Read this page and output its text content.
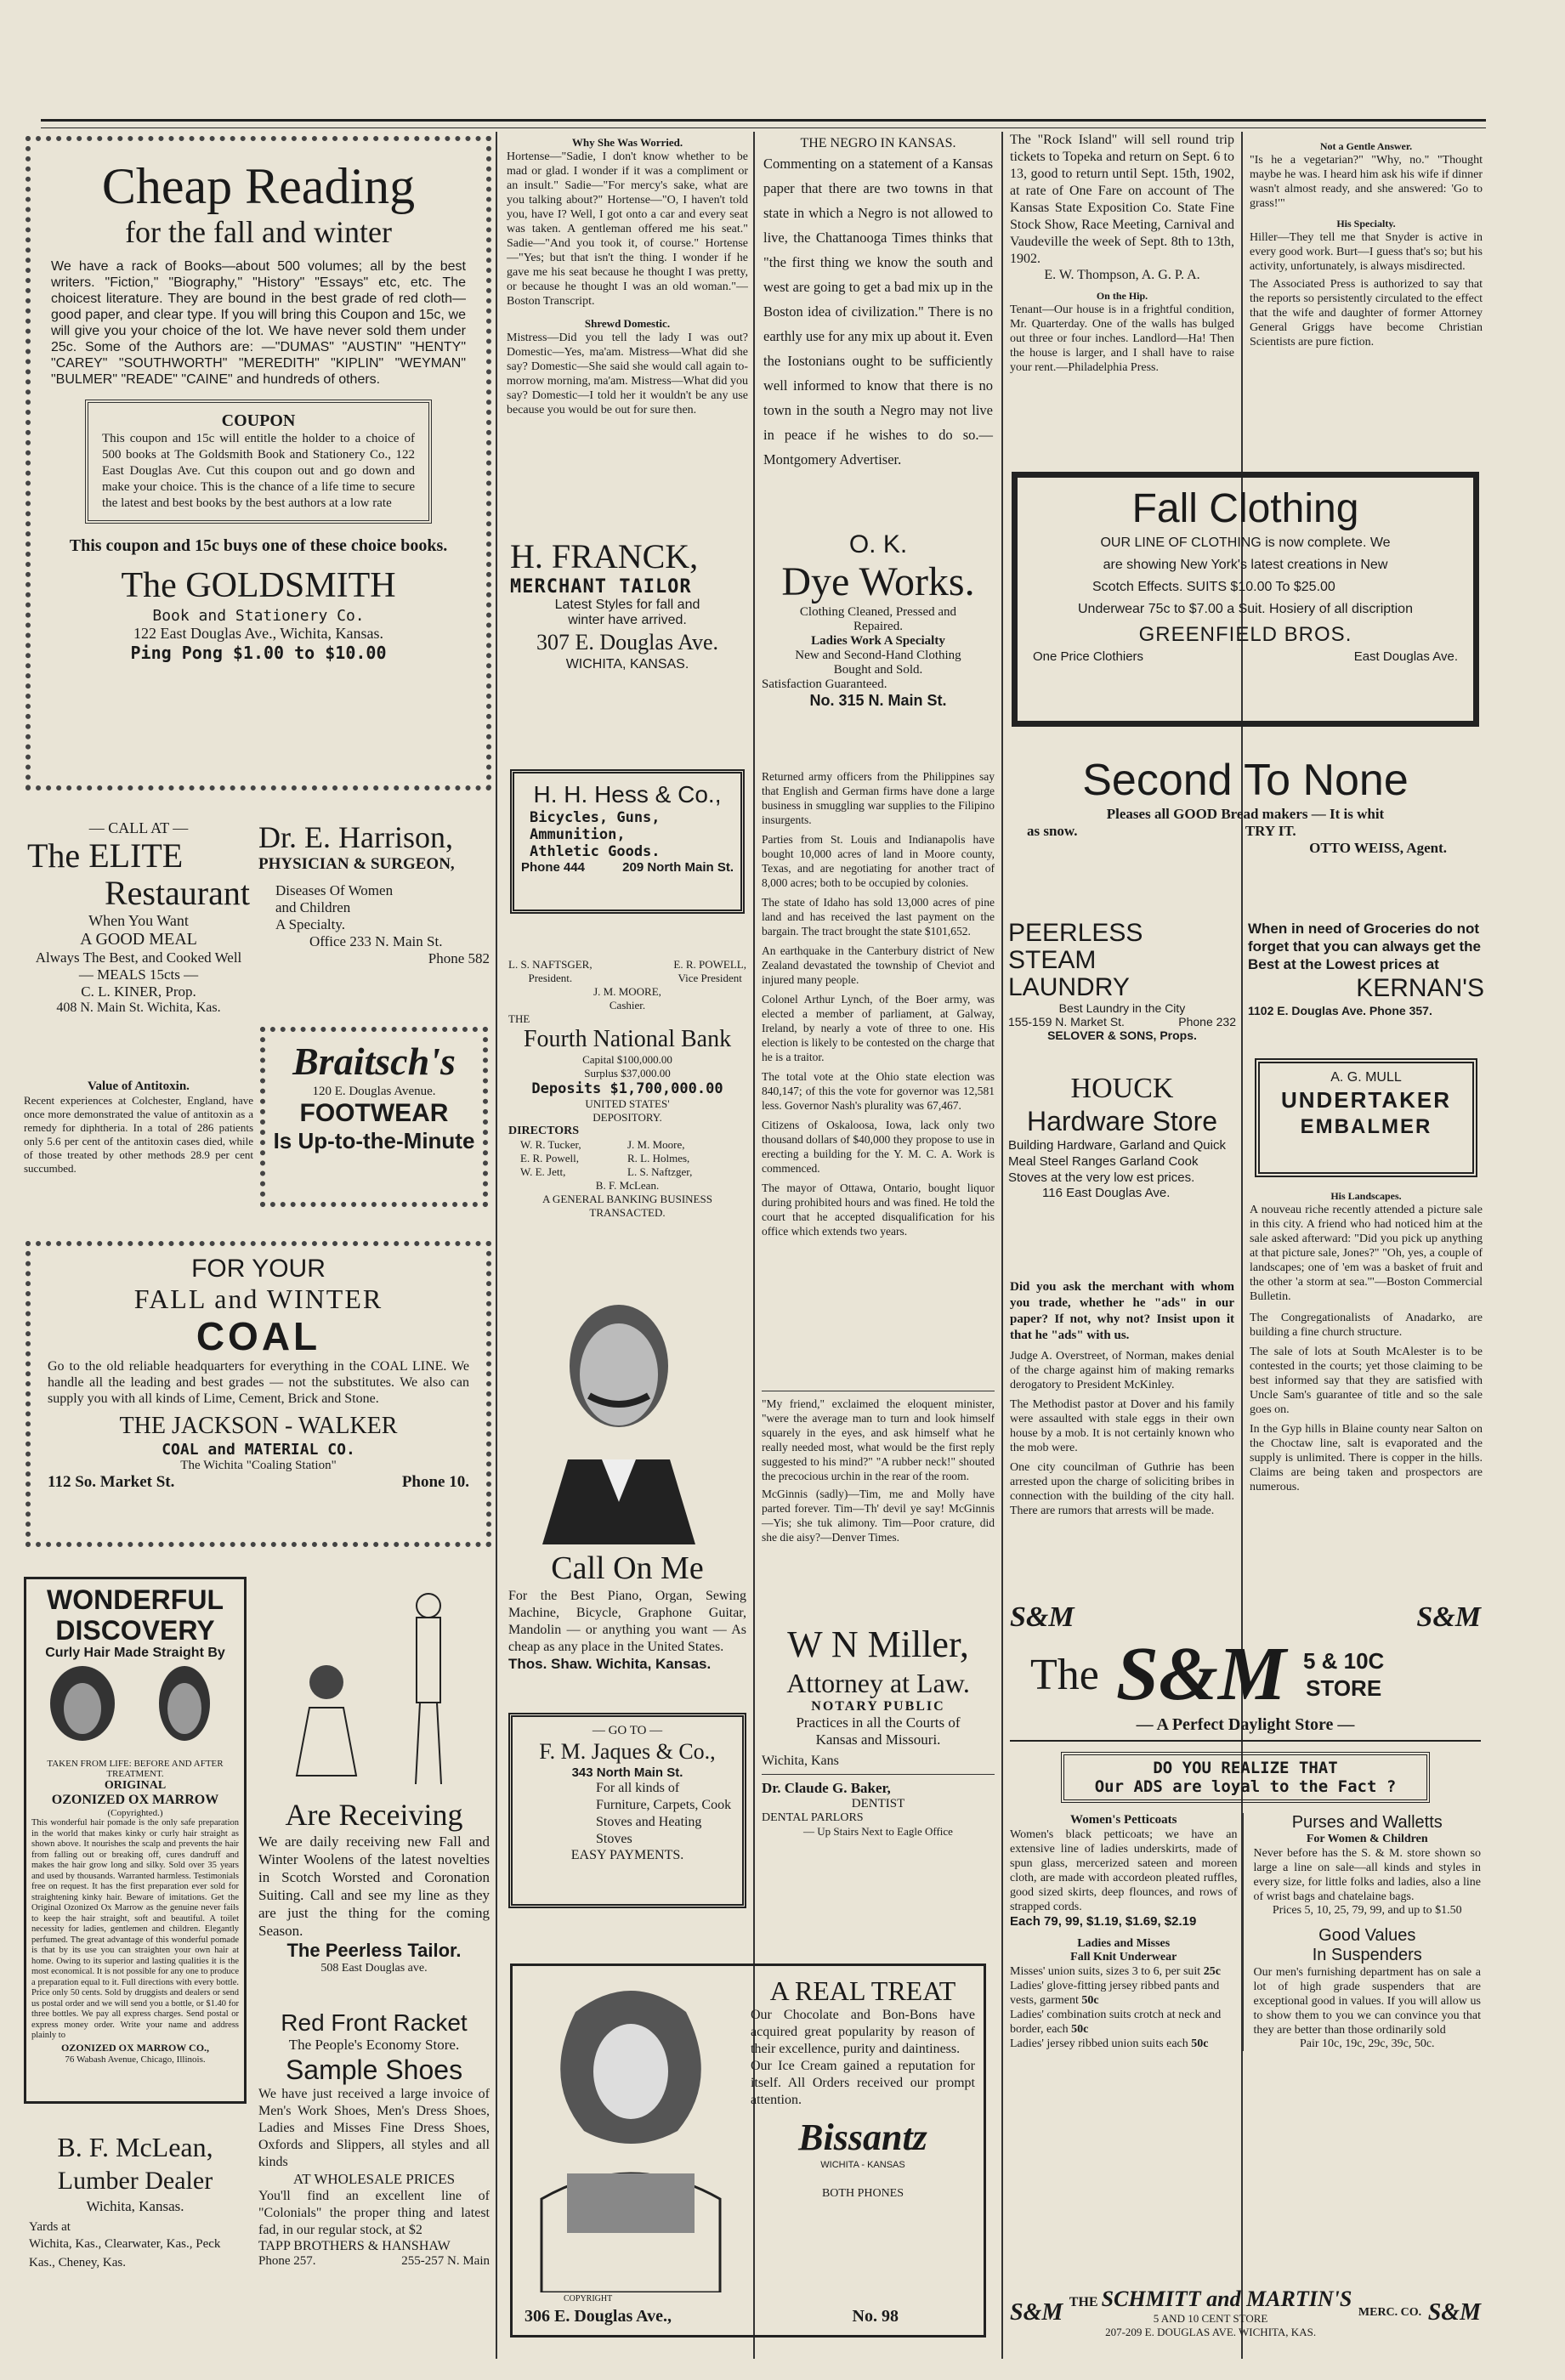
Cheap Reading
for the fall and winter
We have a rack of Books—about 500 volumes; all by the best writers. "Fiction," "Biography," "History" "Essays" etc, etc. The choicest literature. They are bound in the best grade of red cloth—good paper, and clear type. If you will bring this Coupon and 15c, we will give you your choice of the lot. We have never sold them under 25c. Some of the Authors are: —"DUMAS" "AUSTIN" "HENTY" "CAREY" "SOUTHWORTH" "MEREDITH" "KIPLIN" "WEYMAN" "BULMER" "READE" "CAINE" and hundreds of others.
COUPON
This coupon and 15c will entitle the holder to a choice of 500 books at The Goldsmith Book and Stationery Co., 122 East Douglas Ave. Cut this coupon out and go down and make your choice. This is the chance of a life time to secure the latest and best books by the best authors at a low rate
This coupon and 15c buys one of these choice books.
The GOLDSMITH
Book and Stationery Co.
122 East Douglas Ave., Wichita, Kansas.
Ping Pong $1.00 to $10.00
— CALL AT —
The ELITE
Restaurant
When You Want
A GOOD MEAL
Always The Best, and Cooked Well
— MEALS 15cts —
C. L. KINER, Prop.
408 N. Main St. Wichita, Kas.
Dr. E. Harrison,
PHYSICIAN & SURGEON,
Diseases Of Women
and Children
A Specialty.
Office 233 N. Main St.
Phone 582
Value of Antitoxin.
Recent experiences at Colchester, England, have once more demonstrated the value of antitoxin as a remedy for diphtheria. In a total of 286 patients only 5.6 per cent of the antitoxin cases died, while of those treated by other methods 28.9 per cent succumbed.
Braitsch's
120 E. Douglas Avenue.
FOOTWEAR
Is Up-to-the-Minute
FOR YOUR
FALL and WINTER
COAL
Go to the old reliable headquarters for everything in the COAL LINE. We handle all the leading and best grades — not the substitutes. We also can supply you with all kinds of Lime, Cement, Brick and Stone.
THE JACKSON - WALKER
COAL and MATERIAL CO.
The Wichita "Coaling Station"
112 So. Market St.	Phone 10.
WONDERFUL
DISCOVERY
Curly Hair Made Straight By
TAKEN FROM LIFE: BEFORE AND AFTER TREATMENT.
ORIGINAL
OZONIZED OX MARROW
(Copyrighted.)
This wonderful hair pomade is the only safe preparation in the world that makes kinky or curly hair straight as shown above. It nourishes the scalp and prevents the hair from falling out or breaking off, cures dandruff and makes the hair grow long and silky. Sold over 35 years and used by thousands. Warranted harmless. Testimonials free on request. It has the first preparation ever sold for straightening kinky hair. Beware of imitations. Get the Original Ozonized Ox Marrow as the genuine never fails to keep the hair straight, soft and beautiful. A toilet necessity for ladies, gentlemen and children. Elegantly perfumed. The great advantage of this wonderful pomade is that by its use you can straighten your own hair at home. Owing to its superior and lasting qualities it is the most economical. It is not possible for any one to produce a preparation equal to it. Full directions with every bottle. Price only 50 cents. Sold by druggists and dealers or send us postal order and we will send you a bottle, or $1.40 for three bottles. We pay all express charges. Send postal or express money order. Write your name and address plainly to
OZONIZED OX MARROW CO.,
76 Wabash Avenue, Chicago, Illinois.
B. F. McLean,
Lumber Dealer
Wichita, Kansas.
Yards at
Wichita, Kas., Clearwater, Kas., Peck Kas., Cheney, Kas.
Are Receiving
We are daily receiving new Fall and Winter Woolens of the latest novelties in Scotch Worsted and Coronation Suiting. Call and see my line as they are just the thing for the coming Season.
The Peerless Tailor.
508 East Douglas ave.
Red Front Racket
The People's Economy Store.
Sample Shoes
We have just received a large invoice of Men's Work Shoes, Men's Dress Shoes, Ladies and Misses Fine Dress Shoes, Oxfords and Slippers, all styles and all kinds
AT WHOLESALE PRICES
You'll find an excellent line of "Colonials" the proper thing and latest fad, in our regular stock, at $2
TAPP BROTHERS & HANSHAW
Phone 257.	255-257 N. Main
Why She Was Worried.
Hortense—"Sadie, I don't know whether to be mad or glad. I wonder if it was a compliment or an insult." Sadie—"For mercy's sake, what are you talking about?" Hortense—"O, I haven't told you, have I? Well, I got onto a car and every seat was taken. A gentleman offered me his seat." Sadie—"And you took it, of course." Hortense—"Yes; but that isn't the thing. I wonder if he gave me his seat because he thought I was pretty, or because he thought I was an old woman."—Boston Transcript.
Shrewd Domestic.
Mistress—Did you tell the lady I was out? Domestic—Yes, ma'am. Mistress—What did she say? Domestic—She said she would call again to-morrow morning, ma'am. Mistress—What did you say? Domestic—I told her it wouldn't be any use because you would be out for sure then.
H. FRANCK,
MERCHANT TAILOR
Latest Styles for fall and
winter have arrived.
307 E. Douglas Ave.
WICHITA, KANSAS.
H. H. Hess & Co.,
Bicycles, Guns,
Ammunition,
Athletic Goods.
Phone 444	209 North Main St.
L. S. NAFTSGER,
President.
E. R. POWELL,
Vice President
J. M. MOORE,
Cashier.
THE
Fourth National Bank
Capital $100,000.00
Surplus $37,000.00
Deposits $1,700,000.00
UNITED STATES'
DEPOSITORY.
DIRECTORS
W. R. Tucker,	J. M. Moore,
E. R. Powell,	R. L. Holmes,
W. E. Jett,	L. S. Naftzger,
B. F. McLean.
A GENERAL BANKING BUSINESS
TRANSACTED.
Call On Me
For the Best Piano, Organ, Sewing Machine, Bicycle, Graphone Guitar, Mandolin — or anything you want — As cheap as any place in the United States.
Thos. Shaw. Wichita, Kansas.
— GO TO —
F. M. Jaques & Co.,
343 North Main St.
For all kinds of Furniture, Carpets, Cook Stoves and Heating Stoves
EASY PAYMENTS.
COPYRIGHT
A REAL TREAT
Our Chocolate and Bon-Bons have acquired great popularity by reason of their excellence, purity and daintiness.
Our Ice Cream gained a reputation for itself. All Orders received our prompt attention.
Bissantz
WICHITA - KANSAS
BOTH PHONES
306 E. Douglas Ave.,	No. 98
THE NEGRO IN KANSAS.
Commenting on a statement of a Kansas paper that there are two towns in that state in which a Negro is not allowed to live, the Chattanooga Times thinks that "the first thing we know the south and west are going to get a bad mix up in the Boston idea of civilization." There is no earthly use for any mix up about it. Even the Iostonians ought to be sufficiently well informed to know that there is no town in the south a Negro may not live in peace if he wishes to do so.—Montgomery Advertiser.
O. K.
Dye Works.
Clothing Cleaned, Pressed and
Repaired.
Ladies Work A Specialty
New and Second-Hand Clothing
Bought and Sold.
Satisfaction Guaranteed.
No. 315 N. Main St.

Returned army officers from the Philippines say that English and German firms have done a large business in smuggling war supplies to the Filipino insurgents.

Parties from St. Louis and Indianapolis have bought 10,000 acres of land in Moore county, Texas, and are negotiating for another tract of 8,000 acres; both to be occupied by colonies.

The state of Idaho has sold 13,000 acres of pine land and has received the last payment on the bargain. The tract brought the state $101,652.

An earthquake in the Canterbury district of New Zealand devastated the township of Cheviot and injured many people.

Colonel Arthur Lynch, of the Boer army, was elected a member of parliament, at Galway, Ireland, by nearly a vote of three to one. His election is likely to be contested on the charge that he is a traitor.

The total vote at the Ohio state election was 840,147; of this the vote for governor was 12,581 less. Governor Nash's plurality was 67,467.

Citizens of Oskaloosa, Iowa, lack only two thousand dollars of $40,000 they propose to use in erecting a building for the Y. M. C. A. Work is commenced.

The mayor of Ottawa, Ontario, bought liquor during prohibited hours and was fined. He told the court that he accepted disqualification for his office which extends two years.

"My friend," exclaimed the eloquent minister, "were the average man to turn and look himself squarely in the eyes, and ask himself what he really needed most, what would be the first reply suggested to his mind?" "A rubber neck!" shouted the precocious urchin in the rear of the room.
McGinnis (sadly)—Tim, me and Molly have parted forever. Tim—Th' devil ye say! McGinnis—Yis; she tuk alimony. Tim—Poor crature, did she die aisy?—Denver Times.
W N Miller,
Attorney at Law.
NOTARY PUBLIC
Practices in all the Courts of
Kansas and Missouri.
Wichita, Kans
Dr. Claude G. Baker,
DENTIST
DENTAL PARLORS
— Up Stairs Next to Eagle Office
The "Rock Island" will sell round trip tickets to Topeka and return on Sept. 6 to 13, good to return until Sept. 15th, 1902, at rate of One Fare on account of The Kansas State Exposition Co. State Fine Stock Show, Race Meeting, Carnival and Vaudeville the week of Sept. 8th to 13th, 1902.
E. W. Thompson, A. G. P. A.
On the Hip.
Tenant—Our house is in a frightful condition, Mr. Quarterday. One of the walls has bulged out three or four inches. Landlord—Ha! Then the house is larger, and I shall have to raise your rent.—Philadelphia Press.
Not a Gentle Answer.
"Is he a vegetarian?" "Why, no." "Thought maybe he was. I heard him ask his wife if dinner wasn't almost ready, and she answered: 'Go to grass!'"
His Specialty.
Hiller—They tell me that Snyder is active in every good work. Burt—I guess that's so; but his activity, unfortunately, is always misdirected.
The Associated Press is authorized to say that the reports so persistently circulated to the effect that the wife and daughter of former Attorney General Griggs have become Christian Scientists are pure fiction.
Fall Clothing
OUR LINE OF CLOTHING is now complete. We
are showing New York's latest creations in New
Scotch Effects. SUITS $10.00 To $25.00
Underwear 75c to $7.00 a Suit. Hosiery of all discription
GREENFIELD BROS.
One Price Clothiers	East Douglas Ave.
Second To None
Pleases all GOOD Bread makers — It is whit
as snow.	TRY IT.
OTTO WEISS, Agent.
PEERLESS
STEAM
LAUNDRY
Best Laundry in the City
155-159 N. Market St.	Phone 232
SELOVER & SONS, Props.
When in need of Groceries do not forget that you can always get the Best at the Lowest prices at
KERNAN'S
1102 E. Douglas Ave. Phone 357.
HOUCK
Hardware Store
Building Hardware, Garland and Quick Meal Steel Ranges Garland Cook Stoves at the very low est prices.
116 East Douglas Ave.
A. G. MULL
UNDERTAKER
EMBALMER
Did you ask the merchant with whom you trade, whether he "ads" in our paper? If not, why not? Insist upon it that he "ads" with us.

Judge A. Overstreet, of Norman, makes denial of the charge against him of making remarks derogatory to President McKinley.

The Methodist pastor at Dover and his family were assaulted with stale eggs in their own house by a mob. It is not certainly known who the mob were.

One city councilman of Guthrie has been arrested upon the charge of soliciting bribes in connection with the building of the city hall. There are rumors that arrests will be made.

His Landscapes.
A nouveau riche recently attended a picture sale in this city. A friend who had noticed him at the sale asked afterward: "Did you pick up anything at that picture sale, Jones?" "Oh, yes, a couple of landscapes; one of 'em was a basket of fruit and the other 'a storm at sea.'"—Boston Commercial Bulletin.

The Congregationalists of Anadarko, are building a fine church structure.

The sale of lots at South McAlester is to be contested in the courts; yet those claiming to be best informed say that they are satisfied with Uncle Sam's guarantee of title and so the sale goes on.

In the Gyp hills in Blaine county near Salton on the Choctaw line, salt is evaporated and the supply is unlimited. There is copper in the hills. Claims are being taken and prospectors are numerous.

S&M	S&M
The S&M 5 & 10C
STORE
— A Perfect Daylight Store —
DO YOU REALIZE THAT
Our ADS are loyal to the Fact ?
Women's Petticoats
Women's black petticoats; we have an extensive line of ladies underskirts, made of spun glass, mercerized sateen and moreen cloth, are made with accordeon pleated ruffles, good sized skirts, deep flounces, and rows of strapped cords.
Each 79, 99, $1.19, $1.69, $2.19
Ladies and Misses
Fall Knit Underwear
Misses' union suits, sizes 3 to 6, per suit 25c
Ladies' glove-fitting jersey ribbed pants and vests, garment 50c
Ladies' combination suits crotch at neck and border, each 50c
Ladies' jersey ribbed union suits each 50c
Purses and Walletts
For Women & Children
Never before has the S. & M. store shown so large a line on sale—all kinds and styles in every size, for little folks and ladies, also a line of wrist bags and chatelaine bags.
Prices 5, 10, 25, 79, 99, and up to $1.50
Good Values
In Suspenders
Our men's furnishing department has on sale a lot of high grade suspenders that are exceptional good in values. If you will allow us to show them to you we can convince you that they are better than those ordinarily sold
Pair 10c, 19c, 29c, 39c, 50c.
S&M THE SCHMITT and MARTIN'S
5 AND 10 CENT STORE
207-209 E. DOUGLAS AVE. WICHITA, KAS.
MERC. CO. S&M
